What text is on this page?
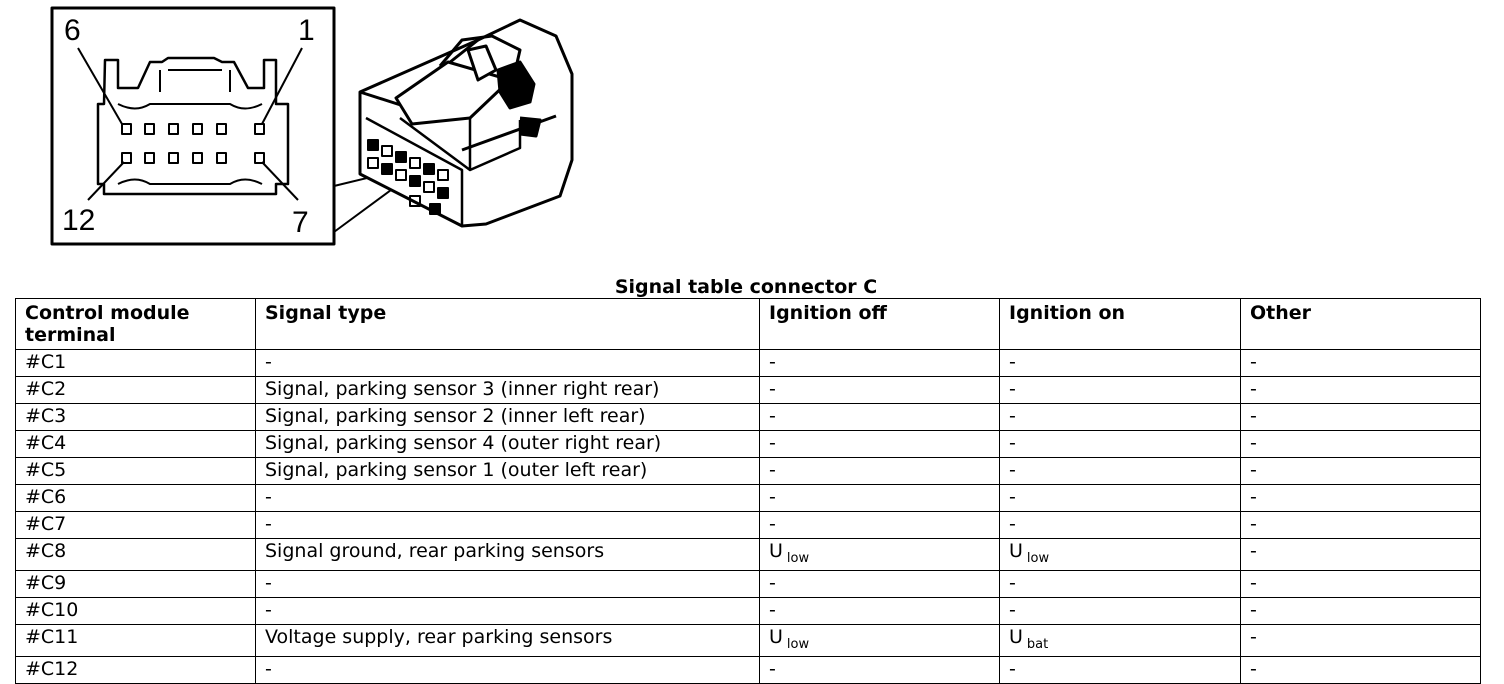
6	1
12	7
Signal table connector C
Control module terminal	Signal type	Ignition off	Ignition on	Other
#C1	-	-	-	-
#C2	Signal, parking sensor 3 (inner right rear)	-	-	-
#C3	Signal, parking sensor 2 (inner left rear)	-	-	-
#C4	Signal, parking sensor 4 (outer right rear)	-	-	-
#C5	Signal, parking sensor 1 (outer left rear)	-	-	-
#C6	-	-	-	-
#C7	-	-	-	-
#C8	Signal ground, rear parking sensors	U $_{low}$	U $_{low}$	-
#C9	-	-	-	-
#C10	-	-	-	-
#C11	Voltage supply, rear parking sensors	U $_{low}$	U $_{bat}$	-
#C12	-	-	-	-
